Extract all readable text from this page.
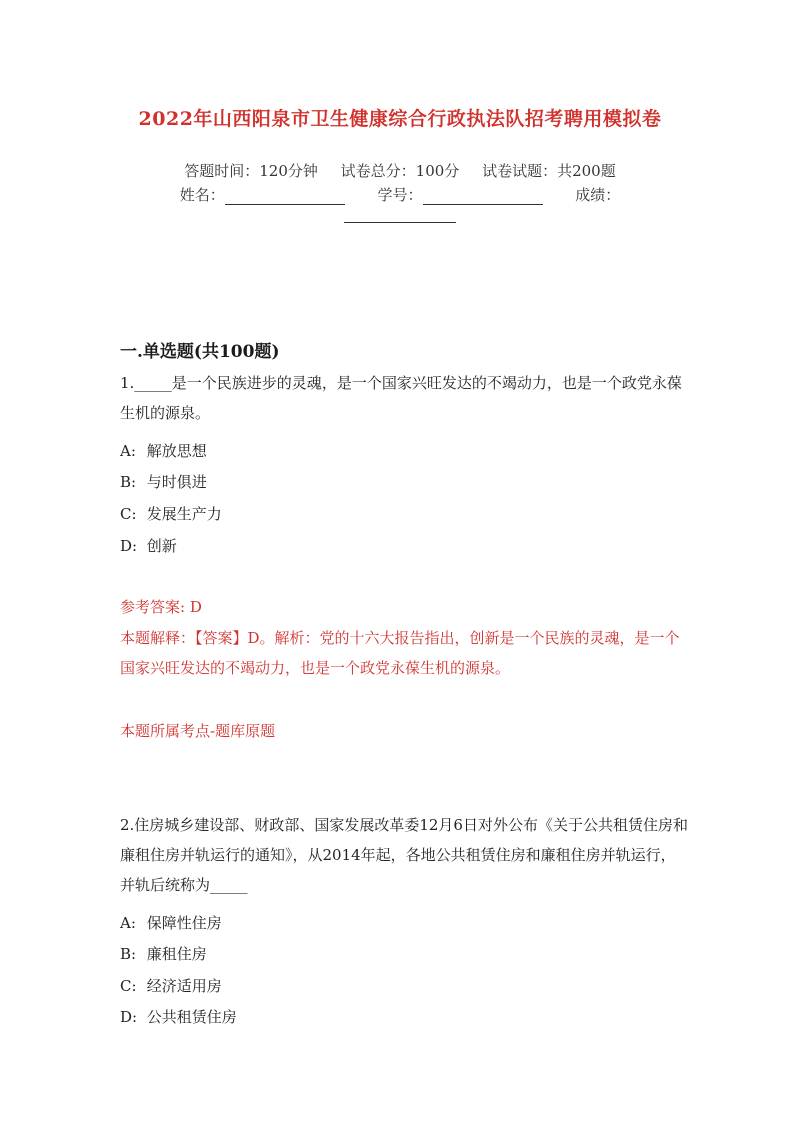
2022年山西阳泉市卫生健康综合行政执法队招考聘用模拟卷
答题时间：120分钟 试卷总分：100分 试卷试题：共200题
姓名：	学号：	成绩：
一.单选题(共100题)
1._____是一个民族进步的灵魂，是一个国家兴旺发达的不竭动力，也是一个政党永葆生机的源泉。
A: 解放思想
B: 与时俱进
C: 发展生产力
D: 创新
参考答案: D
本题解释：【答案】D。解析：党的十六大报告指出，创新是一个民族的灵魂，是一个国家兴旺发达的不竭动力，也是一个政党永葆生机的源泉。
本题所属考点-题库原题
2.住房城乡建设部、财政部、国家发展改革委12月6日对外公布《关于公共租赁住房和廉租住房并轨运行的通知》，从2014年起，各地公共租赁住房和廉租住房并轨运行，并轨后统称为_____
A: 保障性住房
B: 廉租住房
C: 经济适用房
D: 公共租赁住房
